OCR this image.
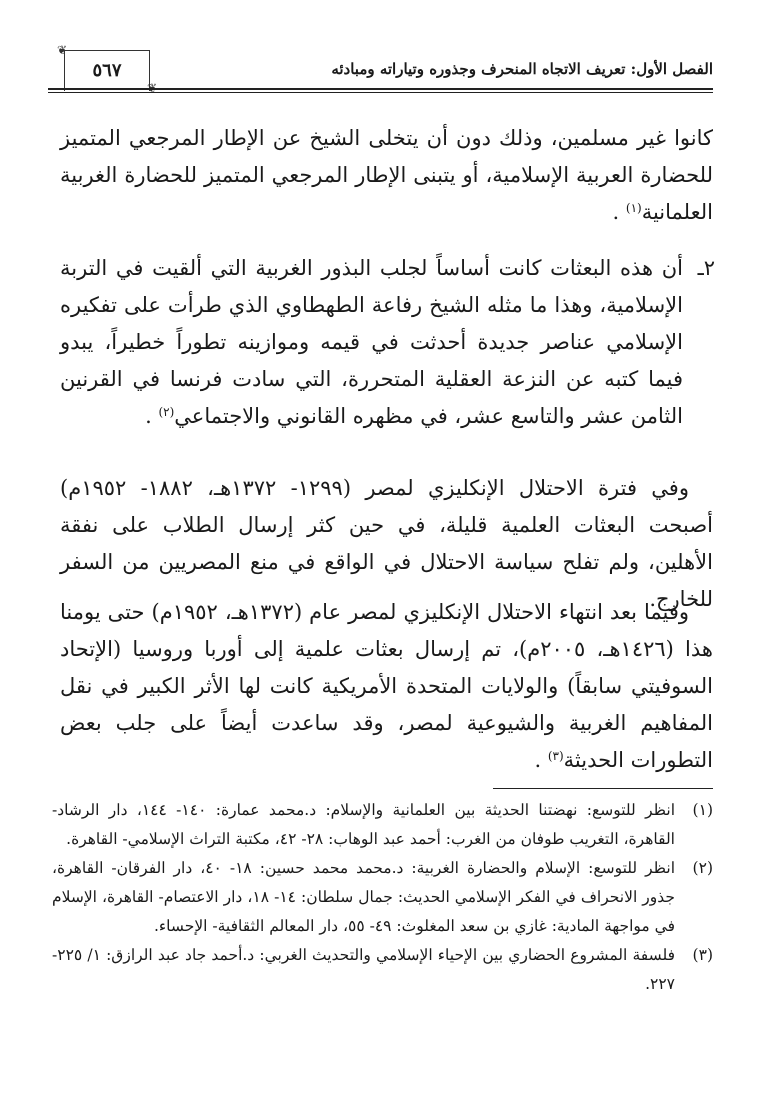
الفصل الأول: تعريف الاتجاه المنحرف وجذوره وتياراته ومبادئه
❦
٥٦٧
❦
كانوا غير مسلمين، وذلك دون أن يتخلى الشيخ عن الإطار المرجعي المتميز للحضارة العربية الإسلامية، أو يتبنى الإطار المرجعي المتميز للحضارة الغربية العلمانية$^{(١)}$ .
٢ـ
أن هذه البعثات كانت أساساً لجلب البذور الغربية التي ألقيت في التربة الإسلامية، وهذا ما مثله الشيخ رفاعة الطهطاوي الذي طرأت على تفكيره الإسلامي عناصر جديدة أحدثت في قيمه وموازينه تطوراً خطيراً، يبدو فيما كتبه عن النزعة العقلية المتحررة، التي سادت فرنسا في القرنين الثامن عشر والتاسع عشر، في مظهره القانوني والاجتماعي$^{(٢)}$ .
وفي فترة الاحتلال الإنكليزي لمصر (١٢٩٩- ١٣٧٢هـ، ١٨٨٢- ١٩٥٢م) أصبحت البعثات العلمية قليلة، في حين كثر إرسال الطلاب على نفقة الأهلين، ولم تفلح سياسة الاحتلال في الواقع في منع المصريين من السفر للخارج.
وفيما بعد انتهاء الاحتلال الإنكليزي لمصر عام (١٣٧٢هـ، ١٩٥٢م) حتى يومنا هذا (١٤٢٦هـ، ٢٠٠٥م)، تم إرسال بعثات علمية إلى أوربا وروسيا (الإتحاد السوفيتي سابقاً) والولايات المتحدة الأمريكية كانت لها الأثر الكبير في نقل المفاهيم الغربية والشيوعية لمصر، وقد ساعدت أيضاً على جلب بعض التطورات الحديثة$^{(٣)}$ .
(١)
انظر للتوسع: نهضتنا الحديثة بين العلمانية والإسلام: د.محمد عمارة: ١٤٠- ١٤٤، دار الرشاد- القاهرة، التغريب طوفان من الغرب: أحمد عبد الوهاب: ٢٨- ٤٢، مكتبة التراث الإسلامي- القاهرة.
(٢)
انظر للتوسع: الإسلام والحضارة الغربية: د.محمد محمد حسين: ١٨- ٤٠، دار الفرقان- القاهرة، جذور الانحراف في الفكر الإسلامي الحديث: جمال سلطان: ١٤- ١٨، دار الاعتصام- القاهرة، الإسلام في مواجهة المادية: غازي بن سعد المغلوث: ٤٩- ٥٥، دار المعالم الثقافية- الإحساء.
(٣)
فلسفة المشروع الحضاري بين الإحياء الإسلامي والتحديث الغربي: د.أحمد جاد عبد الرازق: ١/ ٢٢٥- ٢٢٧.
